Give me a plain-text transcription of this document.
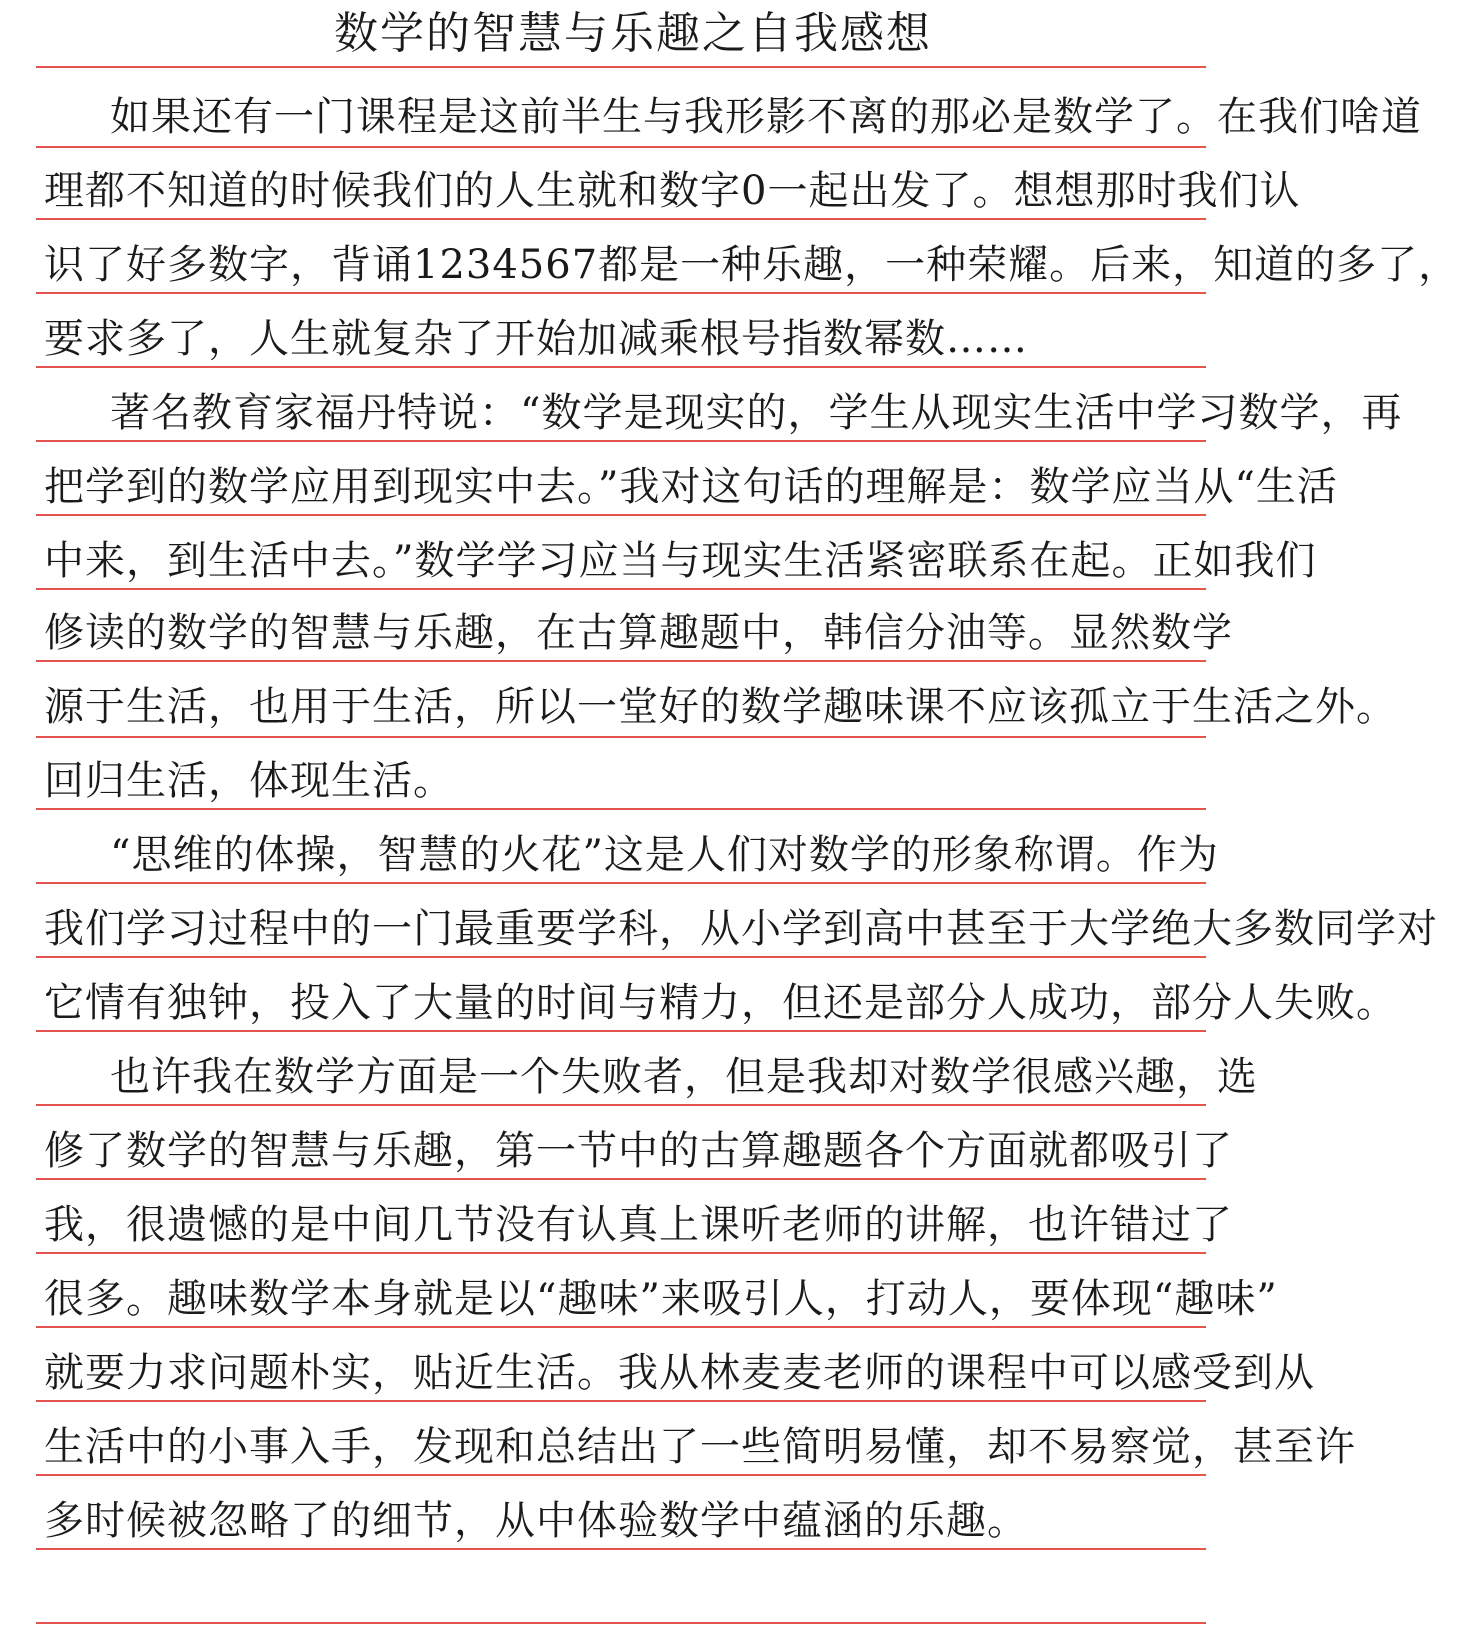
数学的智慧与乐趣之自我感想
如果还有一门课程是这前半生与我形影不离的那必是数学了。在我们啥道
理都不知道的时候我们的人生就和数字0一起出发了。想想那时我们认
识了好多数字，背诵1234567都是一种乐趣，一种荣耀。后来，知道的多了，
要求多了，人生就复杂了开始加减乘根号指数幂数……
著名教育家福丹特说：“数学是现实的，学生从现实生活中学习数学，再
把学到的数学应用到现实中去。”我对这句话的理解是：数学应当从“生活
中来，到生活中去。”数学学习应当与现实生活紧密联系在起。正如我们
修读的数学的智慧与乐趣，在古算趣题中，韩信分油等。显然数学
源于生活，也用于生活，所以一堂好的数学趣味课不应该孤立于生活之外。
回归生活，体现生活。
“思维的体操，智慧的火花”这是人们对数学的形象称谓。作为
我们学习过程中的一门最重要学科，从小学到高中甚至于大学绝大多数同学对
它情有独钟，投入了大量的时间与精力，但还是部分人成功，部分人失败。
也许我在数学方面是一个失败者，但是我却对数学很感兴趣，选
修了数学的智慧与乐趣，第一节中的古算趣题各个方面就都吸引了
我，很遗憾的是中间几节没有认真上课听老师的讲解，也许错过了
很多。趣味数学本身就是以“趣味”来吸引人，打动人，要体现“趣味”
就要力求问题朴实，贴近生活。我从林麦麦老师的课程中可以感受到从
生活中的小事入手，发现和总结出了一些简明易懂，却不易察觉，甚至许
多时候被忽略了的细节，从中体验数学中蕴涵的乐趣。
